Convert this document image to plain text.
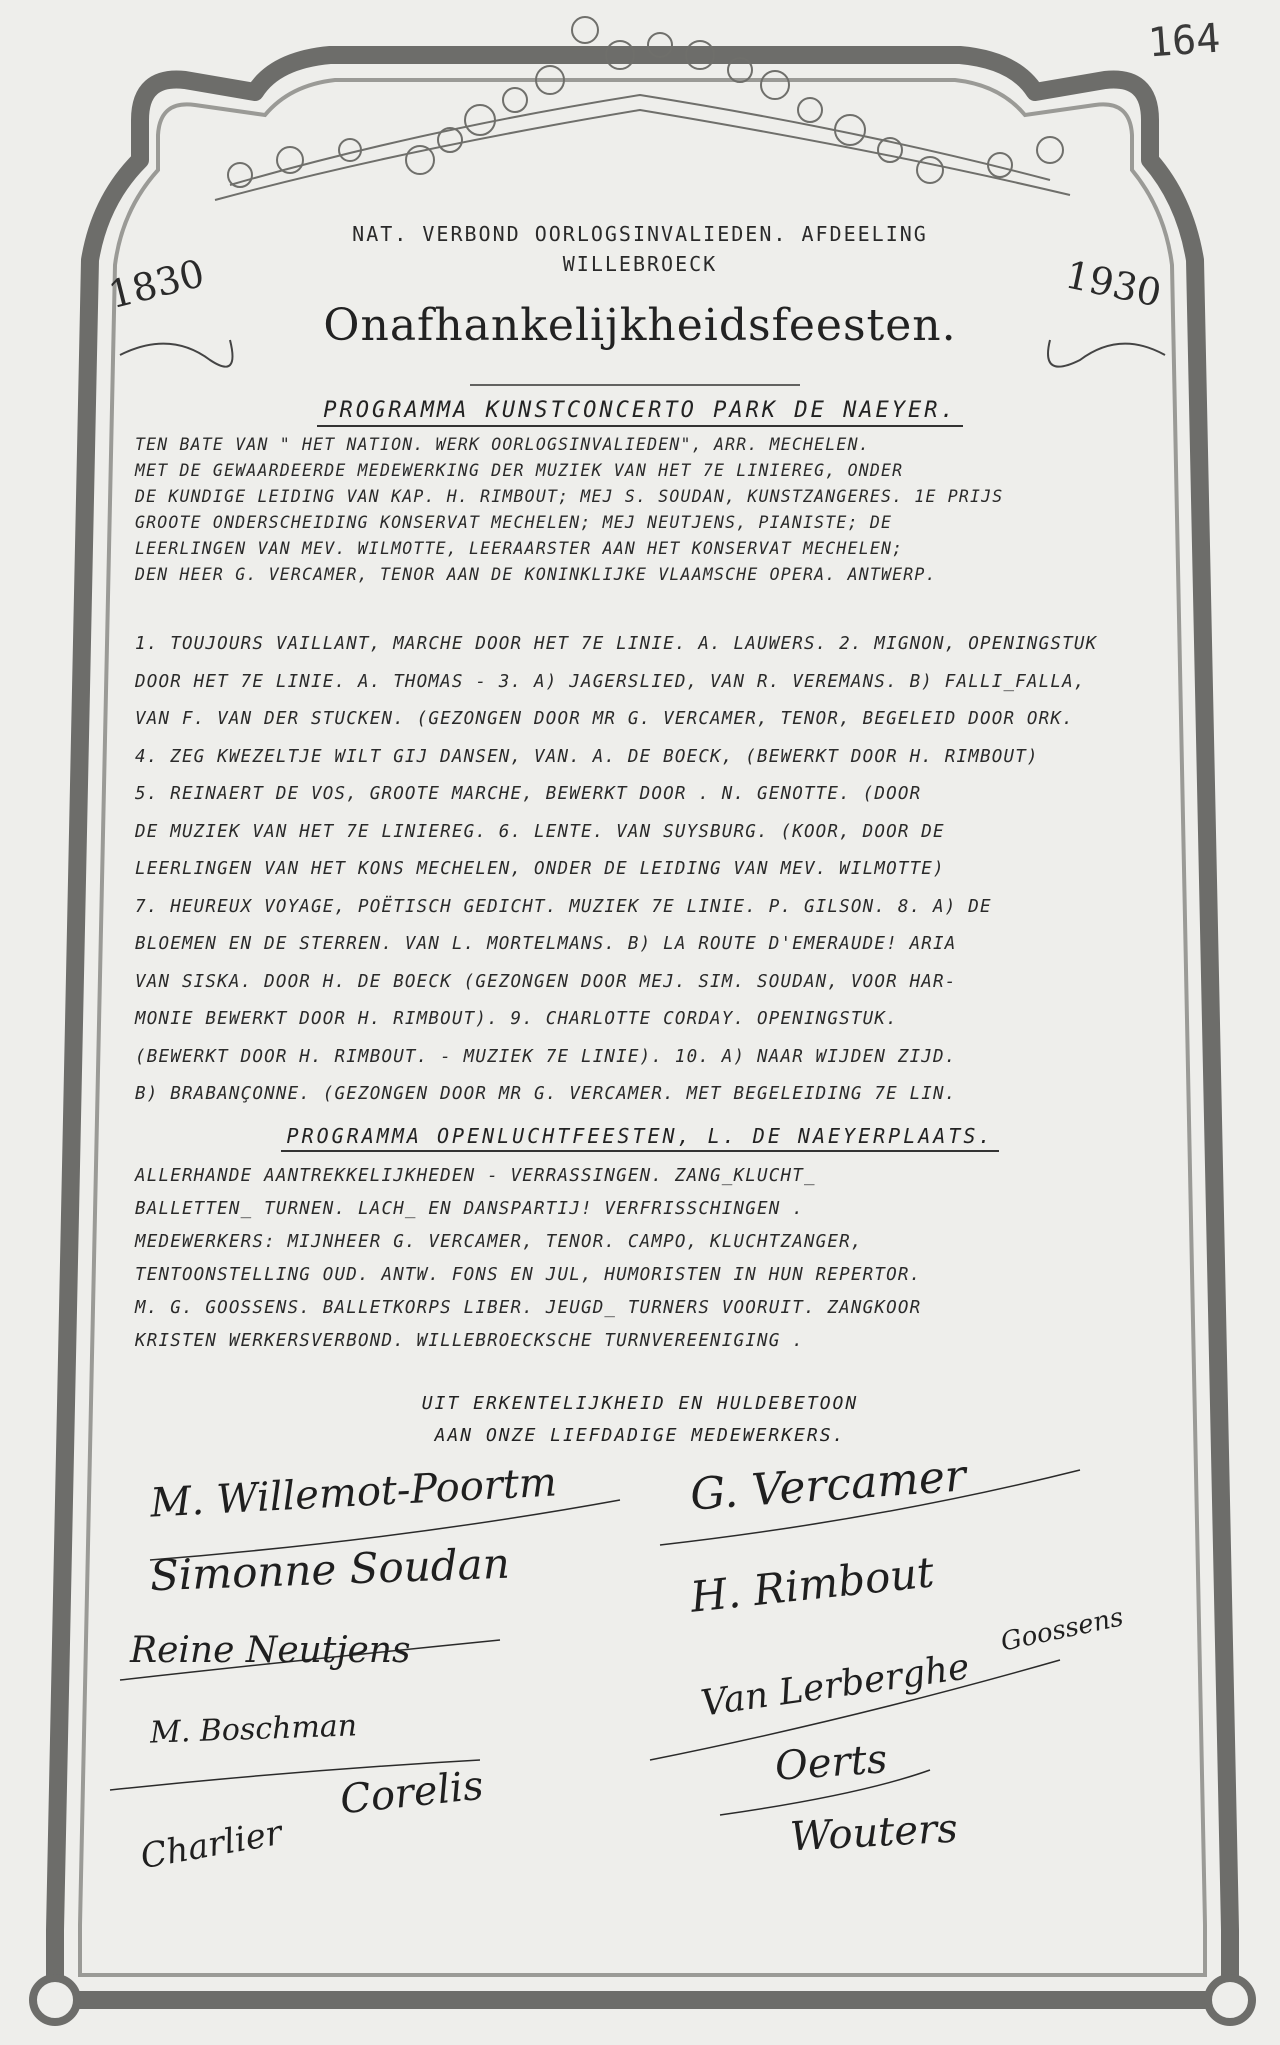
164
NAT. VERBOND OORLOGSINVALIEDEN. AFDEELING
WILLEBROECK
1830	1930
Onafhankelijkheidsfeesten.
PROGRAMMA KUNSTCONCERTO PARK DE NAEYER.
TEN BATE VAN " HET NATION. WERK OORLOGSINVALIEDEN", ARR. MECHELEN.
MET DE GEWAARDEERDE MEDEWERKING DER MUZIEK VAN HET 7E LINIEREG, ONDER
DE KUNDIGE LEIDING VAN KAP. H. RIMBOUT; MEJ S. SOUDAN, KUNSTZANGERES. 1E PRIJS
GROOTE ONDERSCHEIDING KONSERVAT MECHELEN; MEJ NEUTJENS, PIANISTE; DE
LEERLINGEN VAN MEV. WILMOTTE, LEERAARSTER AAN HET KONSERVAT MECHELEN;
DEN HEER G. VERCAMER, TENOR AAN DE KONINKLIJKE VLAAMSCHE OPERA. ANTWERP.
1. TOUJOURS VAILLANT, MARCHE DOOR HET 7E LINIE. A. LAUWERS. 2. MIGNON, OPENINGSTUK
DOOR HET 7E LINIE. A. THOMAS - 3. A) JAGERSLIED, VAN R. VEREMANS. B) FALLI_FALLA,
VAN F. VAN DER STUCKEN. (GEZONGEN DOOR MR G. VERCAMER, TENOR, BEGELEID DOOR ORK.
4. ZEG KWEZELTJE WILT GIJ DANSEN, VAN. A. DE BOECK, (BEWERKT DOOR H. RIMBOUT)
5. REINAERT DE VOS, GROOTE MARCHE, BEWERKT DOOR . N. GENOTTE. (DOOR
DE MUZIEK VAN HET 7E LINIEREG. 6. LENTE. VAN SUYSBURG. (KOOR, DOOR DE
LEERLINGEN VAN HET KONS MECHELEN, ONDER DE LEIDING VAN MEV. WILMOTTE)
7. HEUREUX VOYAGE, POËTISCH GEDICHT. MUZIEK 7E LINIE. P. GILSON. 8. A) DE
BLOEMEN EN DE STERREN. VAN L. MORTELMANS. B) LA ROUTE D'EMERAUDE! ARIA
VAN SISKA. DOOR H. DE BOECK (GEZONGEN DOOR MEJ. SIM. SOUDAN, VOOR HAR-
MONIE BEWERKT DOOR H. RIMBOUT). 9. CHARLOTTE CORDAY. OPENINGSTUK.
(BEWERKT DOOR H. RIMBOUT. - MUZIEK 7E LINIE). 10. A) NAAR WIJDEN ZIJD.
B) BRABANÇONNE. (GEZONGEN DOOR MR G. VERCAMER. MET BEGELEIDING 7E LIN.
PROGRAMMA OPENLUCHTFEESTEN, L. DE NAEYERPLAATS.
ALLERHANDE AANTREKKELIJKHEDEN - VERRASSINGEN. ZANG_KLUCHT_
BALLETTEN_ TURNEN. LACH_ EN DANSPARTIJ! VERFRISSCHINGEN .
MEDEWERKERS: MIJNHEER G. VERCAMER, TENOR. CAMPO, KLUCHTZANGER,
TENTOONSTELLING OUD. ANTW. FONS EN JUL, HUMORISTEN IN HUN REPERTOR.
M. G. GOOSSENS. BALLETKORPS LIBER. JEUGD_ TURNERS VOORUIT. ZANGKOOR
KRISTEN WERKERSVERBOND. WILLEBROECKSCHE TURNVEREENIGING .
UIT ERKENTELIJKHEID EN HULDEBETOON
AAN ONZE LIEFDADIGE MEDEWERKERS.
M. Willemot-Poortm
Simonne Soudan
Reine Neutjens
M. Boschman
Corelis
Charlier
G. Vercamer
H. Rimbout
Van Lerberghe
Goossens
Oerts
Wouters
